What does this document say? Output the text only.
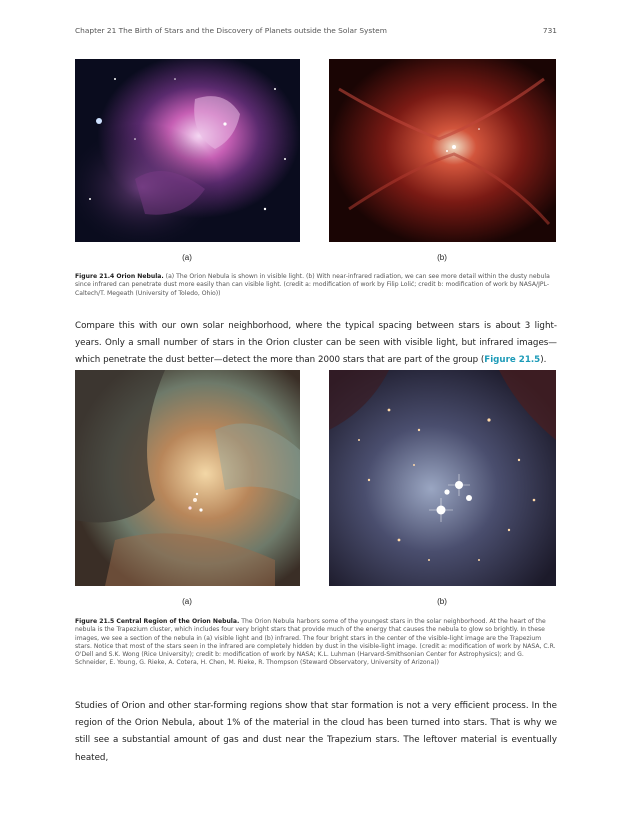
Chapter 21 The Birth of Stars and the Discovery of Planets outside the Solar System	731
(a)	(b)
Figure 21.4 Orion Nebula. (a) The Orion Nebula is shown in visible light. (b) With near-infrared radiation, we can see more detail within the dusty nebula since infrared can penetrate dust more easily than can visible light. (credit a: modification of work by Filip Lolić; credit b: modification of work by NASA/JPL-Caltech/T. Megeath (University of Toledo, Ohio))
Compare this with our own solar neighborhood, where the typical spacing between stars is about 3 light-years. Only a small number of stars in the Orion cluster can be seen with visible light, but infrared images—which penetrate the dust better—detect the more than 2000 stars that are part of the group (Figure 21.5).
(a)	(b)
Figure 21.5 Central Region of the Orion Nebula. The Orion Nebula harbors some of the youngest stars in the solar neighborhood. At the heart of the nebula is the Trapezium cluster, which includes four very bright stars that provide much of the energy that causes the nebula to glow so brightly. In these images, we see a section of the nebula in (a) visible light and (b) infrared. The four bright stars in the center of the visible-light image are the Trapezium stars. Notice that most of the stars seen in the infrared are completely hidden by dust in the visible-light image. (credit a: modification of work by NASA, C.R. O'Dell and S.K. Wong (Rice University); credit b: modification of work by NASA; K.L. Luhman (Harvard-Smithsonian Center for Astrophysics); and G. Schneider, E. Young, G. Rieke, A. Cotera, H. Chen, M. Rieke, R. Thompson (Steward Observatory, University of Arizona))
Studies of Orion and other star-forming regions show that star formation is not a very efficient process. In the region of the Orion Nebula, about 1% of the material in the cloud has been turned into stars. That is why we still see a substantial amount of gas and dust near the Trapezium stars. The leftover material is eventually heated,
